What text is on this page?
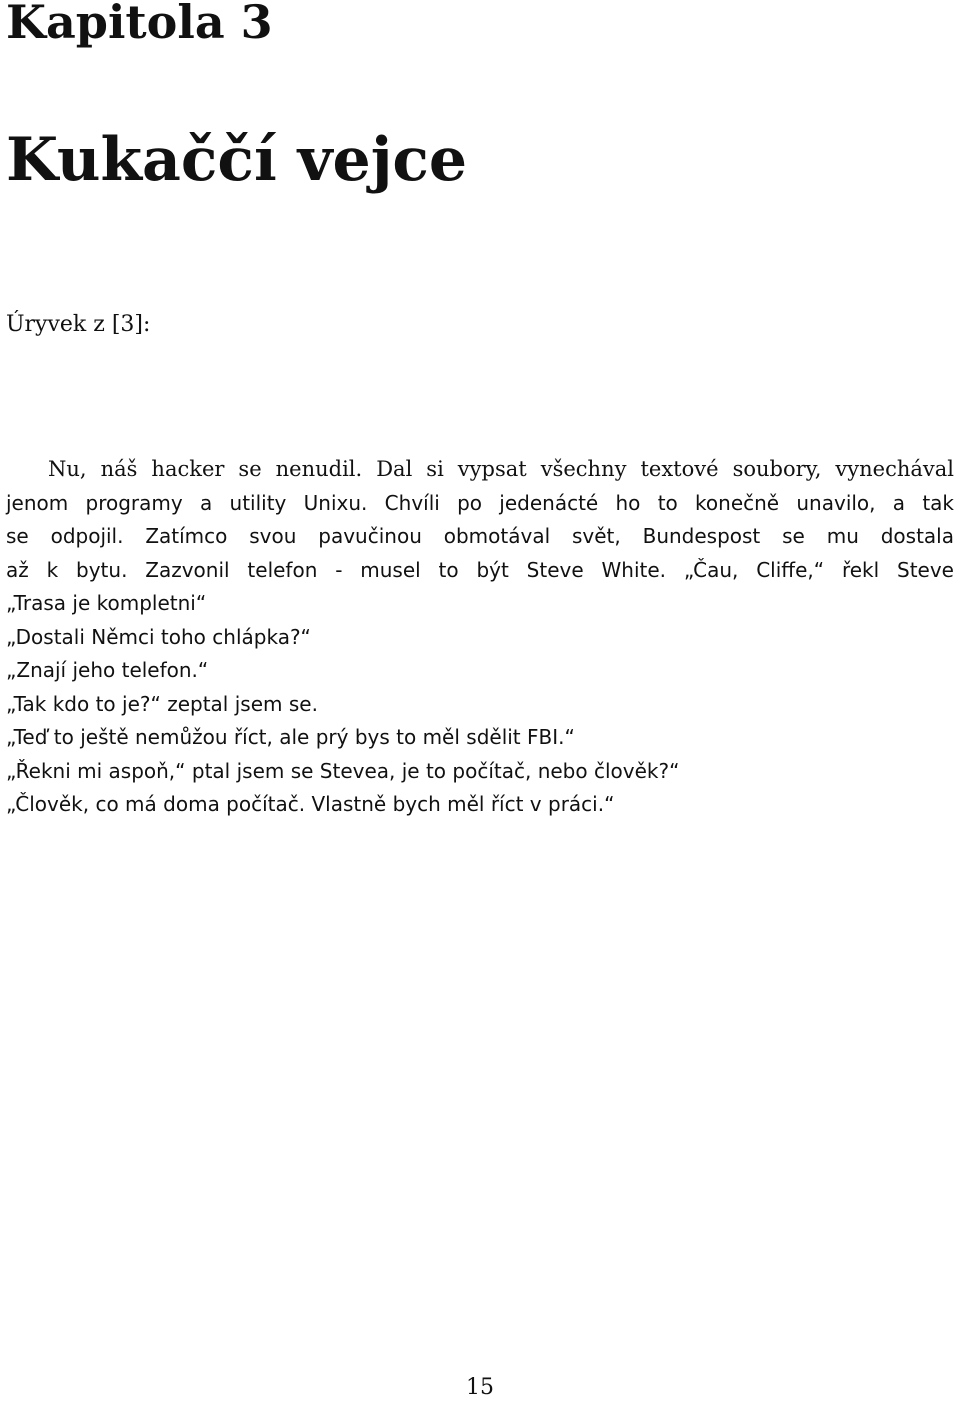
Kapitola 3
Kukaččí vejce
Úryvek z [3]:
Nu, náš hacker se nenudil. Dal si vypsat všechny textové soubory, vynechával
jenom programy a utility Unixu. Chvíli po jedenácté ho to konečně unavilo, a tak
se odpojil. Zatímco svou pavučinou obmotával svět, Bundespost se mu dostala
až k bytu. Zazvonil telefon - musel to být Steve White. „Čau, Cliffe,“ řekl Steve
„Trasa je kompletni“
„Dostali Němci toho chlápka?“
„Znají jeho telefon.“
„Tak kdo to je?“ zeptal jsem se.
„Teď to ještě nemůžou říct, ale prý bys to měl sdělit FBI.“
„Řekni mi aspoň,“ ptal jsem se Stevea, je to počítač, nebo člověk?“
„Člověk, co má doma počítač. Vlastně bych měl říct v práci.“
15
